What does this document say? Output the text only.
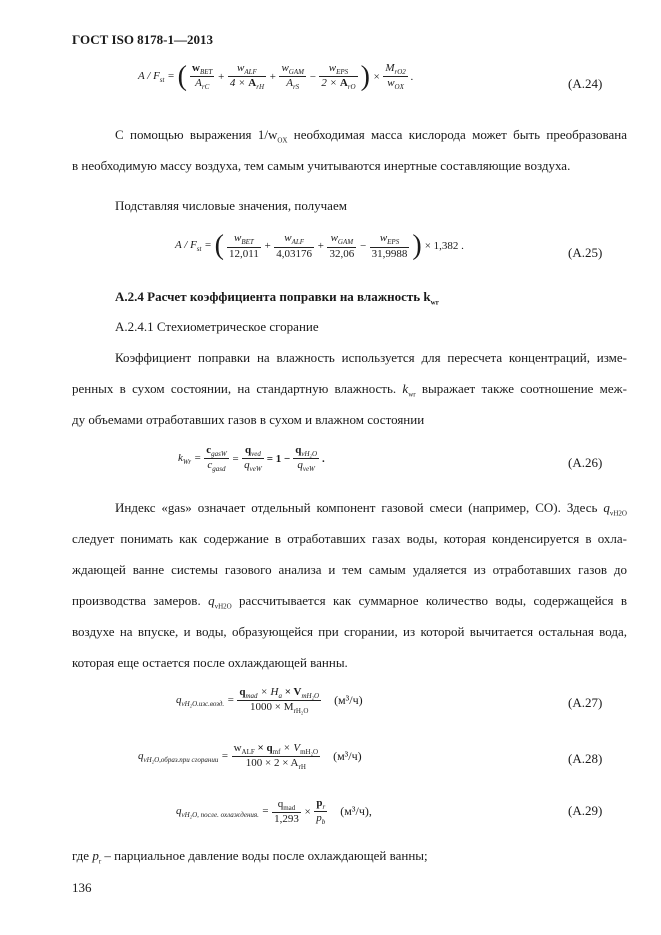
ГОСТ ISO 8178-1—2013
A / $F_{st}$ = ( $\frac{w_{BET}}{A_{rC}} + \frac{w_{ALF}}{4 \times A_{rH}} + \frac{w_{GAM}}{A_{rS}} - \frac{w_{EPS}}{2 \times A_{rO}}$ ) × $\frac{M_{rO2}}{w_{OX}}$ .	(A.24)
С помощью выражения $1/w_{OX}$ необходимая масса кислорода может быть преобразована
в необходимую массу воздуха, тем самым учитываются инертные составляющие воздуха.
Подставляя числовые значения, получаем
A / $F_{st}$ = ( $\frac{w_{BET}}{12,011} + \frac{w_{ALF}}{4,03176} + \frac{w_{GAM}}{32,06} - \frac{w_{EPS}}{31,9988}$ ) × 1,382 .	(A.25)
A.2.4 Расчет коэффициента поправки на влажность $k_{wr}$
A.2.4.1 Стехиометрическое сгорание
Коэффициент поправки на влажность используется для пересчета концентраций, изме-
ренных в сухом состоянии, на стандартную влажность. $k_{wr}$ выражает также соотношение меж-
ду объемами отработавших газов в сухом и влажном состоянии
$k_{Wr} = \frac{c_{gasW}}{c_{gasd}} = \frac{q_{ved}}{q_{veW}} = 1 - \frac{q_{vH_2O}}{q_{veW}}$ .	(A.26)
Индекс «gas» означает отдельный компонент газовой смеси (например, СО). Здесь $q_{vH2O}$
следует понимать как содержание в отработавших газах воды, которая конденсируется в охла-
ждающей ванне системы газового анализа и тем самым удаляется из отработавших газов до
производства замеров. $q_{vH2O}$ рассчитывается как суммарное количество воды, содержащейся в
воздухе на впуске, и воды, образующейся при сгорании, из которой вычитается остальная вода,
которая еще остается после охлаждающей ванны.
$q_{vH_2O.изс.возд.} = \frac{q_{mad} \times H_a \times V_{mH_2O}}{1000 \times M_{rH_2O}} (м^3/ч)$	(A.27)
$q_{vH_2O,образ.при сгорании} = \frac{w_{ALF} \times q_{mf} \times V_{mH_2O}}{100 \times 2 \times A_{rH}} (м^3/ч)$	(A.28)
$q_{vH_2O, после. охлаждения.} = \frac{q_{mad}}{1,293} \times \frac{p_r}{p_b} (м^3/ч)$,	(A.29)
где $p_r$ – парциальное давление воды после охлаждающей ванны;
136
